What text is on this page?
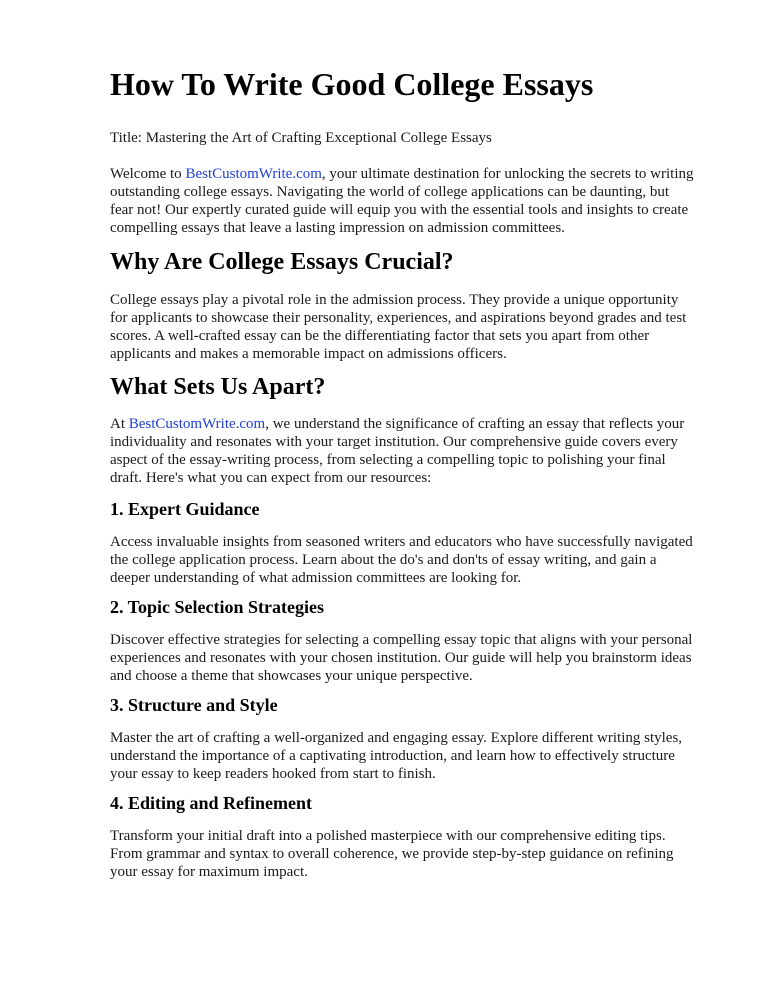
How To Write Good College Essays
Title: Mastering the Art of Crafting Exceptional College Essays
Welcome to BestCustomWrite.com, your ultimate destination for unlocking the secrets to writing
outstanding college essays. Navigating the world of college applications can be daunting, but
fear not! Our expertly curated guide will equip you with the essential tools and insights to create
compelling essays that leave a lasting impression on admission committees.
Why Are College Essays Crucial?
College essays play a pivotal role in the admission process. They provide a unique opportunity
for applicants to showcase their personality, experiences, and aspirations beyond grades and test
scores. A well-crafted essay can be the differentiating factor that sets you apart from other
applicants and makes a memorable impact on admissions officers.
What Sets Us Apart?
At BestCustomWrite.com, we understand the significance of crafting an essay that reflects your
individuality and resonates with your target institution. Our comprehensive guide covers every
aspect of the essay-writing process, from selecting a compelling topic to polishing your final
draft. Here's what you can expect from our resources:
1. Expert Guidance
Access invaluable insights from seasoned writers and educators who have successfully navigated
the college application process. Learn about the do's and don'ts of essay writing, and gain a
deeper understanding of what admission committees are looking for.
2. Topic Selection Strategies
Discover effective strategies for selecting a compelling essay topic that aligns with your personal
experiences and resonates with your chosen institution. Our guide will help you brainstorm ideas
and choose a theme that showcases your unique perspective.
3. Structure and Style
Master the art of crafting a well-organized and engaging essay. Explore different writing styles,
understand the importance of a captivating introduction, and learn how to effectively structure
your essay to keep readers hooked from start to finish.
4. Editing and Refinement
Transform your initial draft into a polished masterpiece with our comprehensive editing tips.
From grammar and syntax to overall coherence, we provide step-by-step guidance on refining
your essay for maximum impact.
